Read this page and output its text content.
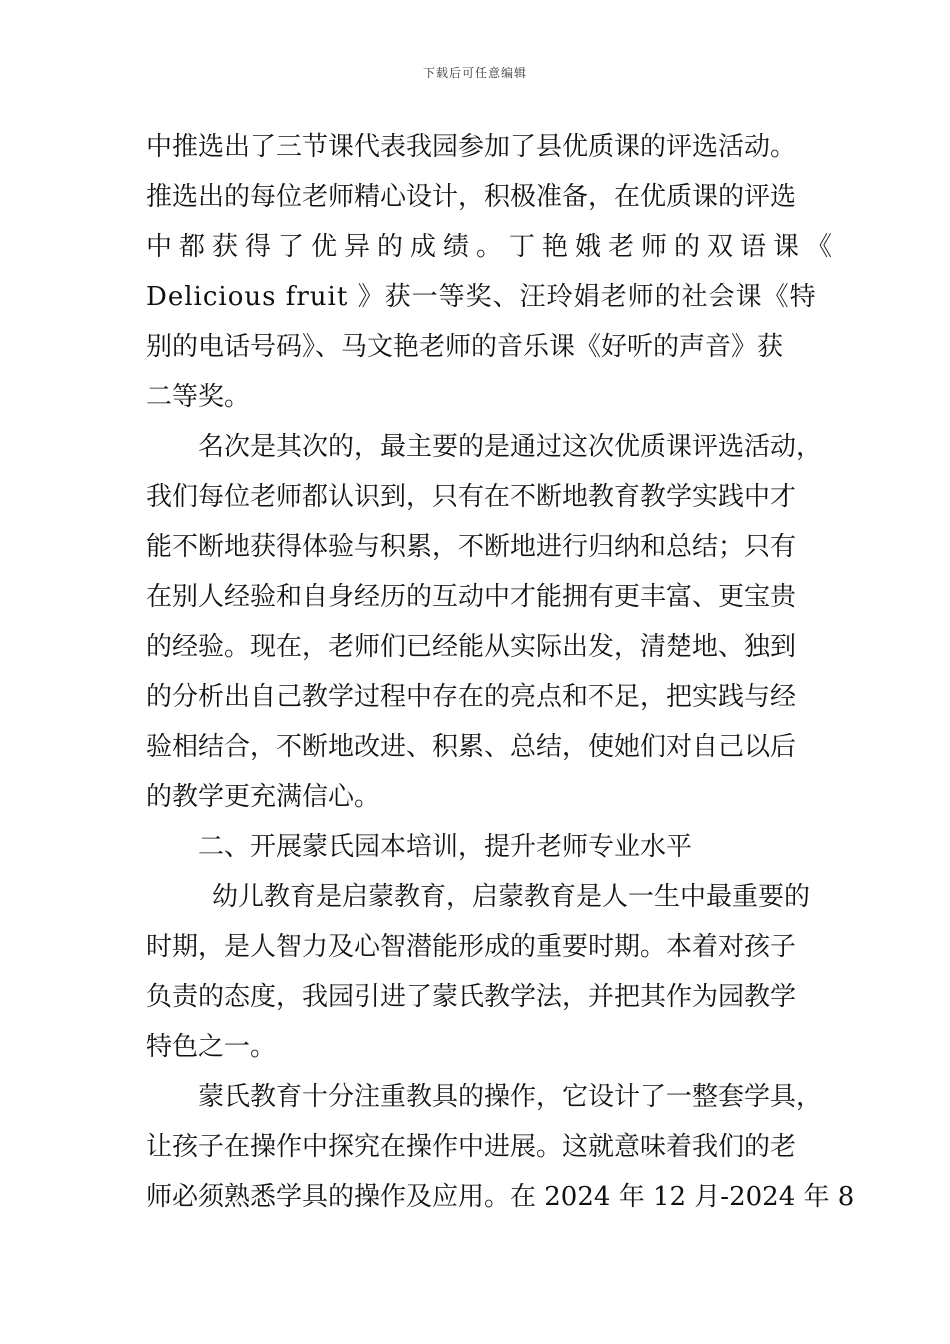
下载后可任意编辑
中推选出了三节课代表我园参加了县优质课的评选活动。
推选出的每位老师精心设计，积极准备，在优质课的评选
中都获得了优异的成绩。丁艳娥老师的双语课《
Delicious fruit 》获一等奖、汪玲娟老师的社会课《特
别的电话号码》、马文艳老师的音乐课《好听的声音》获
二等奖。
名次是其次的，最主要的是通过这次优质课评选活动，
我们每位老师都认识到，只有在不断地教育教学实践中才
能不断地获得体验与积累，不断地进行归纳和总结；只有
在别人经验和自身经历的互动中才能拥有更丰富、更宝贵
的经验。现在，老师们已经能从实际出发，清楚地、独到
的分析出自己教学过程中存在的亮点和不足，把实践与经
验相结合，不断地改进、积累、总结，使她们对自己以后
的教学更充满信心。
二、开展蒙氏园本培训，提升老师专业水平
幼儿教育是启蒙教育，启蒙教育是人一生中最重要的
时期，是人智力及心智潜能形成的重要时期。本着对孩子
负责的态度，我园引进了蒙氏教学法，并把其作为园教学
特色之一。
蒙氏教育十分注重教具的操作，它设计了一整套学具，
让孩子在操作中探究在操作中进展。这就意味着我们的老
师必须熟悉学具的操作及应用。在 2024 年 12 月-2024 年 8
